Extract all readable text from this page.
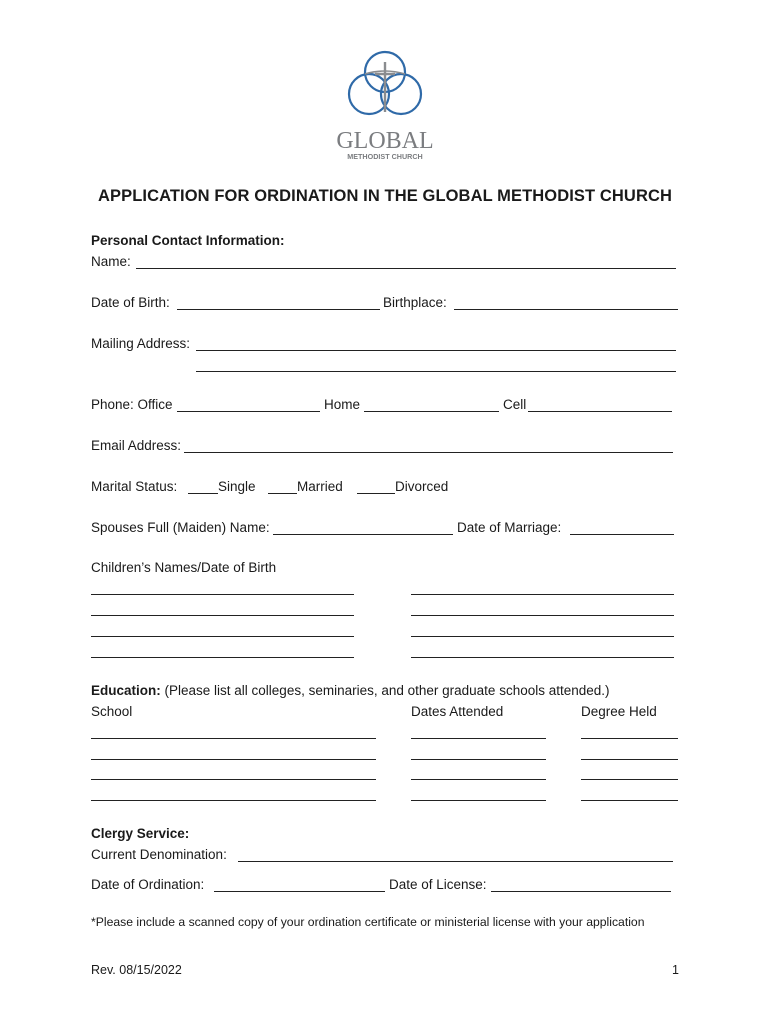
GLOBAL
METHODIST CHURCH
APPLICATION FOR ORDINATION IN THE GLOBAL METHODIST CHURCH
Personal Contact Information:
Name:
Date of Birth:	Birthplace:
Mailing Address:
Phone: Office	Home	Cell
Email Address:
Marital Status:	Single	Married	Divorced
Spouses Full (Maiden) Name:	Date of Marriage:
Children’s Names/Date of Birth
Education: (Please list all colleges, seminaries, and other graduate schools attended.)
School	Dates Attended	Degree Held
Clergy Service:
Current Denomination:
Date of Ordination:	Date of License:
*Please include a scanned copy of your ordination certificate or ministerial license with your application
Rev. 08/15/2022	1
